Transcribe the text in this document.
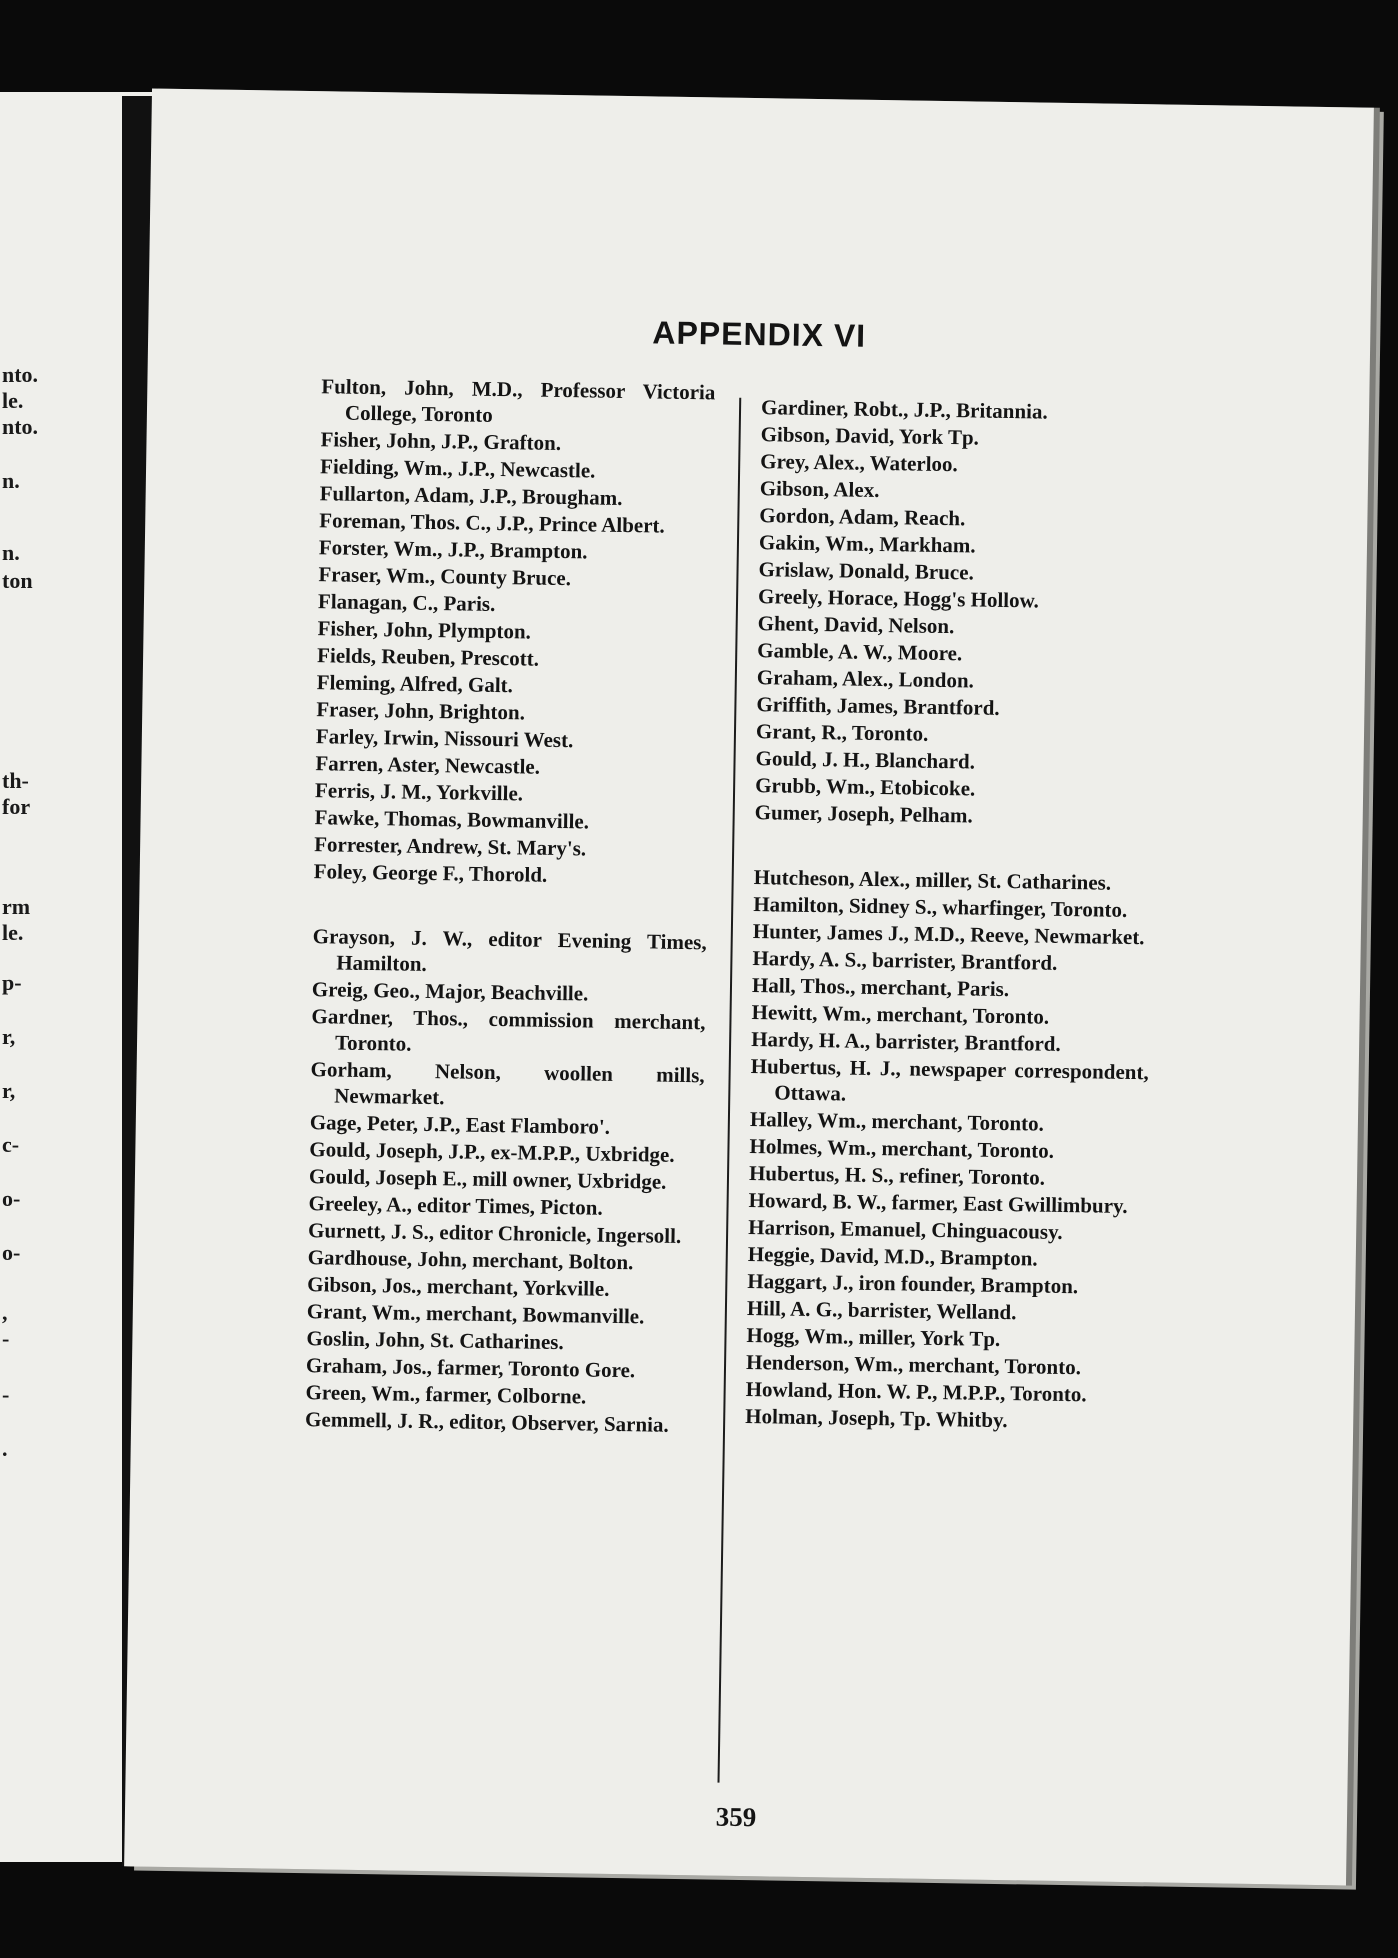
nto.
le.
nto.
n.
n.
ton
th-
for
rm
le.
p-
r,
r,
c-
o-
o-
,
-
-
.
APPENDIX VI
Fulton, John, M.D., Professor Victoria College, Toronto
Fisher, John, J.P., Grafton.
Fielding, Wm., J.P., Newcastle.
Fullarton, Adam, J.P., Brougham.
Foreman, Thos. C., J.P., Prince Albert.
Forster, Wm., J.P., Brampton.
Fraser, Wm., County Bruce.
Flanagan, C., Paris.
Fisher, John, Plympton.
Fields, Reuben, Prescott.
Fleming, Alfred, Galt.
Fraser, John, Brighton.
Farley, Irwin, Nissouri West.
Farren, Aster, Newcastle.
Ferris, J. M., Yorkville.
Fawke, Thomas, Bowmanville.
Forrester, Andrew, St. Mary's.
Foley, George F., Thorold.
Grayson, J. W., editor Evening Times, Hamilton.
Greig, Geo., Major, Beachville.
Gardner, Thos., commission merchant, Toronto.
Gorham, Nelson, woollen mills, Newmarket.
Gage, Peter, J.P., East Flamboro'.
Gould, Joseph, J.P., ex-M.P.P., Uxbridge.
Gould, Joseph E., mill owner, Uxbridge.
Greeley, A., editor Times, Picton.
Gurnett, J. S., editor Chronicle, Ingersoll.
Gardhouse, John, merchant, Bolton.
Gibson, Jos., merchant, Yorkville.
Grant, Wm., merchant, Bowmanville.
Goslin, John, St. Catharines.
Graham, Jos., farmer, Toronto Gore.
Green, Wm., farmer, Colborne.
Gemmell, J. R., editor, Observer, Sarnia.
Gardiner, Robt., J.P., Britannia.
Gibson, David, York Tp.
Grey, Alex., Waterloo.
Gibson, Alex.
Gordon, Adam, Reach.
Gakin, Wm., Markham.
Grislaw, Donald, Bruce.
Greely, Horace, Hogg's Hollow.
Ghent, David, Nelson.
Gamble, A. W., Moore.
Graham, Alex., London.
Griffith, James, Brantford.
Grant, R., Toronto.
Gould, J. H., Blanchard.
Grubb, Wm., Etobicoke.
Gumer, Joseph, Pelham.
Hutcheson, Alex., miller, St. Catharines.
Hamilton, Sidney S., wharfinger, Toronto.
Hunter, James J., M.D., Reeve, Newmarket.
Hardy, A. S., barrister, Brantford.
Hall, Thos., merchant, Paris.
Hewitt, Wm., merchant, Toronto.
Hardy, H. A., barrister, Brantford.
Hubertus, H. J., newspaper correspondent, Ottawa.
Halley, Wm., merchant, Toronto.
Holmes, Wm., merchant, Toronto.
Hubertus, H. S., refiner, Toronto.
Howard, B. W., farmer, East Gwillimbury.
Harrison, Emanuel, Chinguacousy.
Heggie, David, M.D., Brampton.
Haggart, J., iron founder, Brampton.
Hill, A. G., barrister, Welland.
Hogg, Wm., miller, York Tp.
Henderson, Wm., merchant, Toronto.
Howland, Hon. W. P., M.P.P., Toronto.
Holman, Joseph, Tp. Whitby.
359
